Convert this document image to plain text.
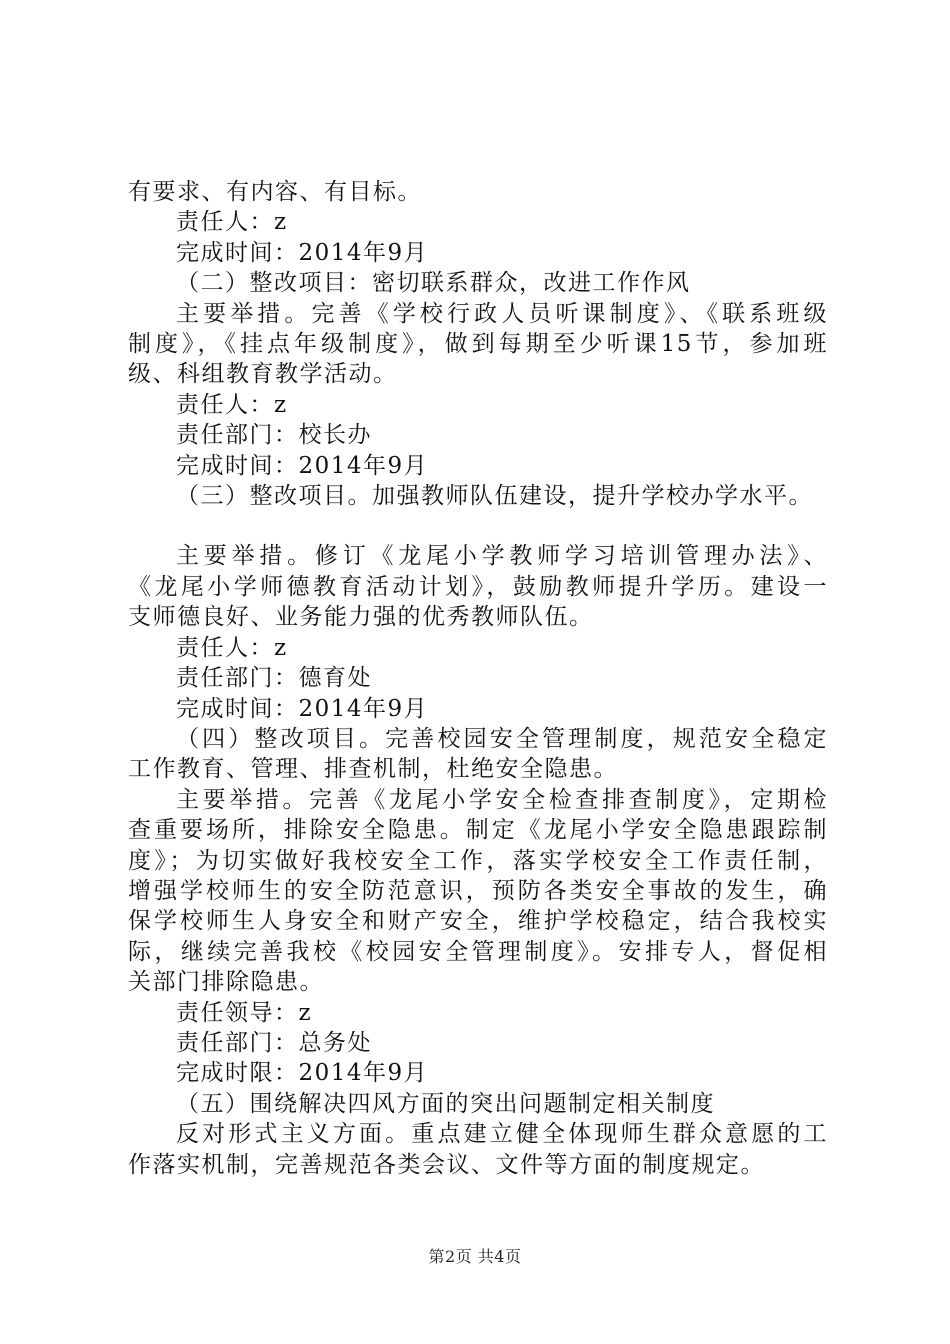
有要求、有内容、有目标。
责任人：z
完成时间：2014年9月
（二）整改项目：密切联系群众，改进工作作风
主要举措。完善《学校行政人员听课制度》、《联系班级
制度》，《挂点年级制度》，做到每期至少听课15节，参加班
级、科组教育教学活动。
责任人：z
责任部门：校长办
完成时间：2014年9月
（三）整改项目。加强教师队伍建设，提升学校办学水平。
主要举措。修订《龙尾小学教师学习培训管理办法》、
《龙尾小学师德教育活动计划》，鼓励教师提升学历。建设一
支师德良好、业务能力强的优秀教师队伍。
责任人：z
责任部门：德育处
完成时间：2014年9月
（四）整改项目。完善校园安全管理制度，规范安全稳定
工作教育、管理、排查机制，杜绝安全隐患。
主要举措。完善《龙尾小学安全检查排查制度》，定期检
查重要场所，排除安全隐患。制定《龙尾小学安全隐患跟踪制
度》；为切实做好我校安全工作，落实学校安全工作责任制，
增强学校师生的安全防范意识，预防各类安全事故的发生，确
保学校师生人身安全和财产安全，维护学校稳定，结合我校实
际，继续完善我校《校园安全管理制度》。安排专人，督促相
关部门排除隐患。
责任领导：z
责任部门：总务处
完成时限：2014年9月
（五）围绕解决四风方面的突出问题制定相关制度
反对形式主义方面。重点建立健全体现师生群众意愿的工
作落实机制，完善规范各类会议、文件等方面的制度规定。
第2页 共4页
